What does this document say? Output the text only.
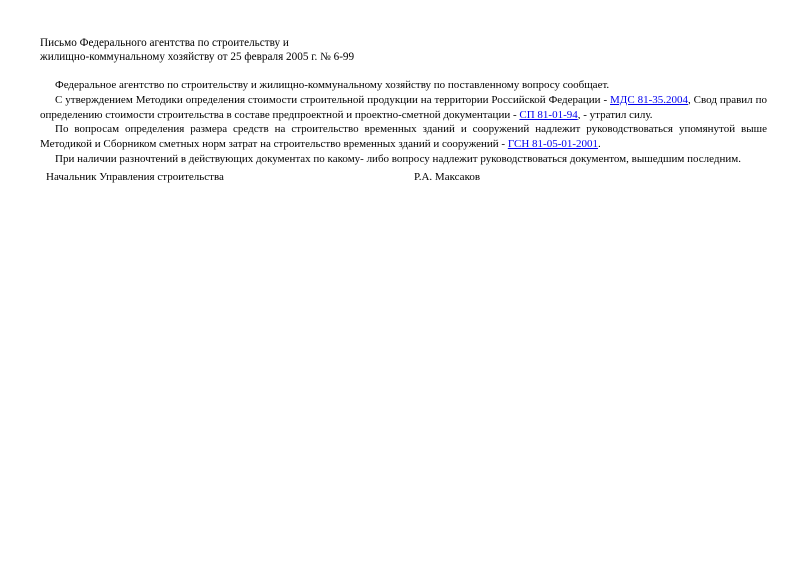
Письмо Федерального агентства по строительству и
жилищно-коммунальному хозяйству от 25 февраля 2005 г. № 6-99

Федеральное агентство по строительству и жилищно-коммунальному хозяйству по поставленному вопросу сообщает.

С утверждением Методики определения стоимости строительной продукции на территории Российской Федерации - МДС 81-35.2004, Свод правил по определению стоимости строительства в составе предпроектной и проектно-сметной документации - СП 81-01-94, - утратил силу.

По вопросам определения размера средств на строительство временных зданий и сооружений надлежит руководствоваться упомянутой выше Методикой и Сборником сметных норм затрат на строительство временных зданий и сооружений - ГСН 81-05-01-2001.

При наличии разночтений в действующих документах по какому- либо вопросу надлежит руководствоваться документом, вышедшим последним.

Начальник Управления строительства	Р.А. Максаков
